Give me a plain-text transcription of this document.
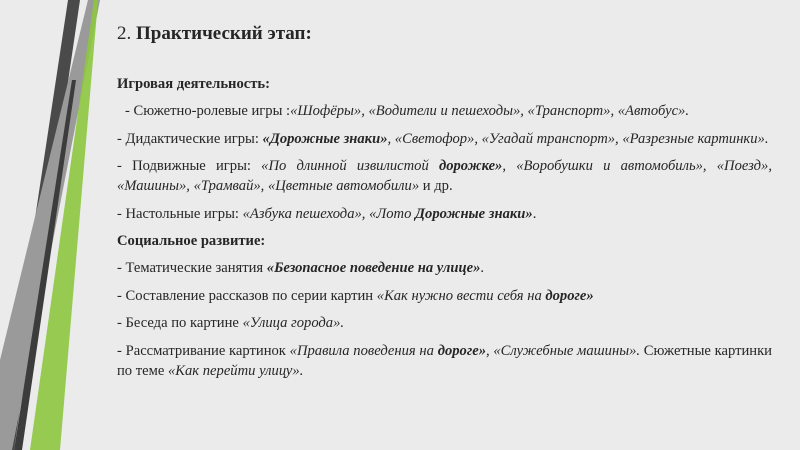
2. Практический этап:
Игровая деятельность:
- Сюжетно-ролевые игры :«Шофёры», «Водители и пешеходы», «Транспорт», «Автобус».
- Дидактические игры: «Дорожные знаки», «Светофор», «Угадай транспорт», «Разрезные картинки».
- Подвижные игры: «По длинной извилистой дорожке», «Воробушки и автомобиль», «Поезд», «Машины», «Трамвай», «Цветные автомобили» и др.
- Настольные игры: «Азбука пешехода», «Лото Дорожные знаки».
Социальное развитие:
- Тематические занятия «Безопасное поведение на улице».
- Составление рассказов по серии картин «Как нужно вести себя на дороге»
- Беседа по картине «Улица города».
- Рассматривание картинок «Правила поведения на дороге», «Служебные машины». Сюжетные картинки по теме «Как перейти улицу».
